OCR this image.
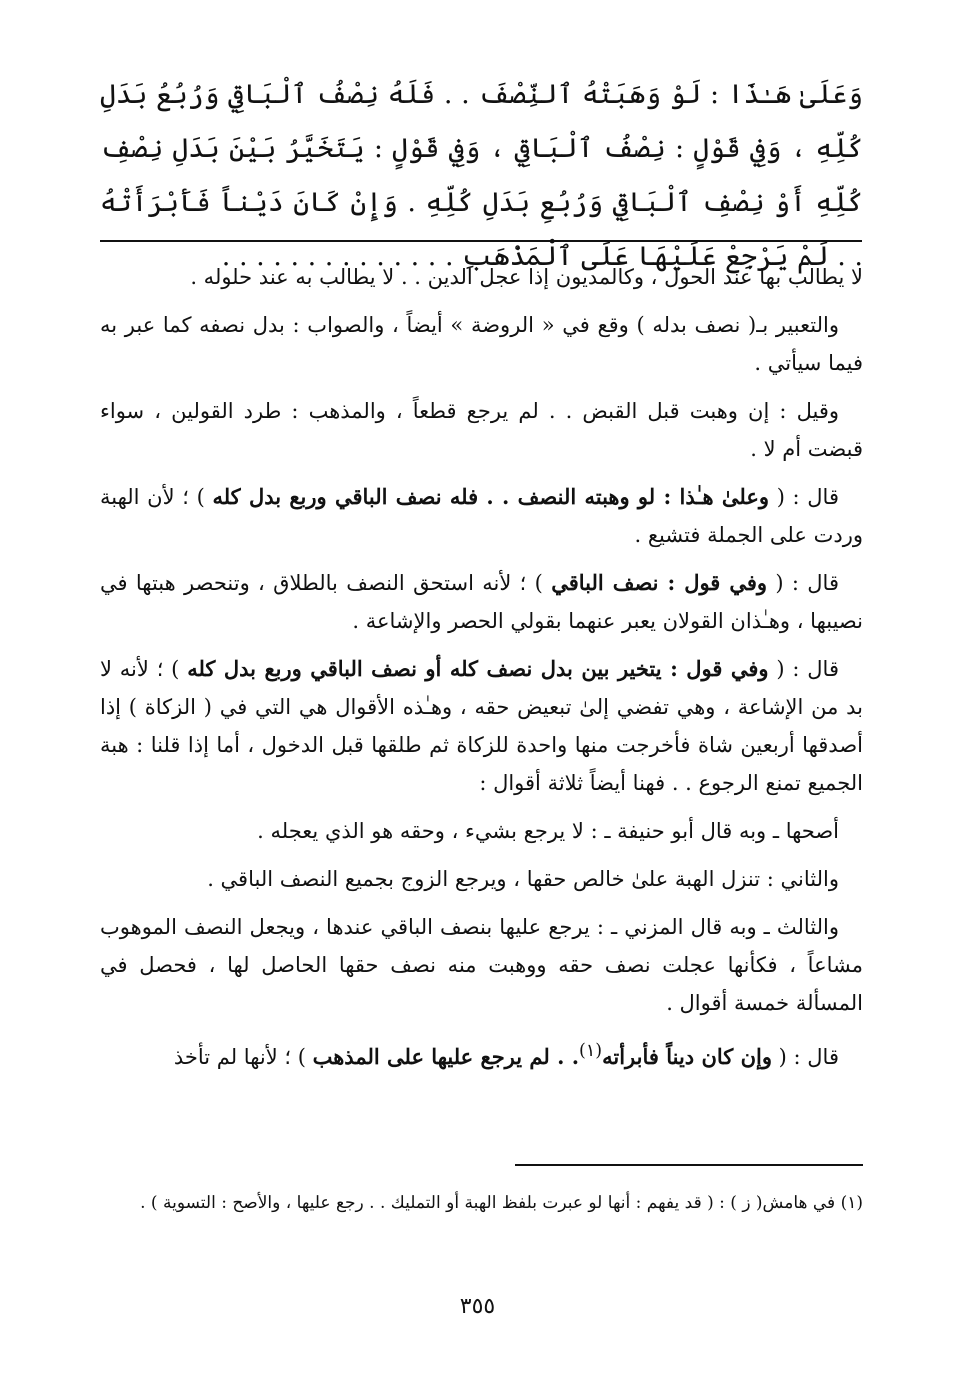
وَعَلَىٰ هَـٰذَا : لَوْ وَهَبَتْهُ ٱلنِّصْفَ . . فَلَهُ نِصْفُ ٱلْبَاقِي وَرُبُعُ بَدَلِ كُلِّهِ ، وَفِي قَوْلٍ : نِصْفُ ٱلْبَاقِي ، وَفِي قَوْلٍ : يَتَخَيَّرُ بَيْنَ بَدَلِ نِصْفِ كُلِّهِ أَوْ نِصْفِ ٱلْبَاقِي وَرُبُعِ بَدَلِ كُلِّهِ . وَإِنْ كَانَ دَيْناً فَأَبْرَأَتْهُ . . لَمْ يَرْجِعْ عَلَيْهَا عَلَى ٱلْمَذْهَبِ . . . . . . . . . . . . . .

لا يطالب بها عند الحول ، وكالمديون إذا عجل الدين . . لا يطالب به عند حلوله .

والتعبير بـ( نصف بدله ) وقع في « الروضة » أيضاً ، والصواب : بدل نصفه كما عبر به فيما سيأتي .

وقيل : إن وهبت قبل القبض . . لم يرجع قطعاً ، والمذهب : طرد القولين ، سواء قبضت أم لا .

قال : ( وعلىٰ هـٰذا : لو وهبته النصف . . فله نصف الباقي وربع بدل كله ) ؛ لأن الهبة وردت على الجملة فتشيع .

قال : ( وفي قول : نصف الباقي ) ؛ لأنه استحق النصف بالطلاق ، وتنحصر هبتها في نصيبها ، وهـٰذان القولان يعبر عنهما بقولي الحصر والإشاعة .

قال : ( وفي قول : يتخير بين بدل نصف كله أو نصف الباقي وربع بدل كله ) ؛ لأنه لا بد من الإشاعة ، وهي تفضي إلىٰ تبعيض حقه ، وهـٰذه الأقوال هي التي في ( الزكاة ) إذا أصدقها أربعين شاة فأخرجت منها واحدة للزكاة ثم طلقها قبل الدخول ، أما إذا قلنا : هبة الجميع تمنع الرجوع . . فهنا أيضاً ثلاثة أقوال :

أصحها ـ وبه قال أبو حنيفة ـ : لا يرجع بشيء ، وحقه هو الذي يعجله .

والثاني : تنزل الهبة علىٰ خالص حقها ، ويرجع الزوج بجميع النصف الباقي .

والثالث ـ وبه قال المزني ـ : يرجع عليها بنصف الباقي عندها ، ويجعل النصف الموهوب مشاعاً ، فكأنها عجلت نصف حقه ووهبت منه نصف حقها الحاصل لها ، فحصل في المسألة خمسة أقوال .

قال : ( وإن كان ديناً فأبرأته$^{(١)}$. . لم يرجع عليها على المذهب ) ؛ لأنها لم تأخذ

(١) في هامش( ز ) : ( قد يفهم : أنها لو عبرت بلفظ الهبة أو التمليك . . رجع عليها ، والأصح : التسوية ) .
٣٥٥
